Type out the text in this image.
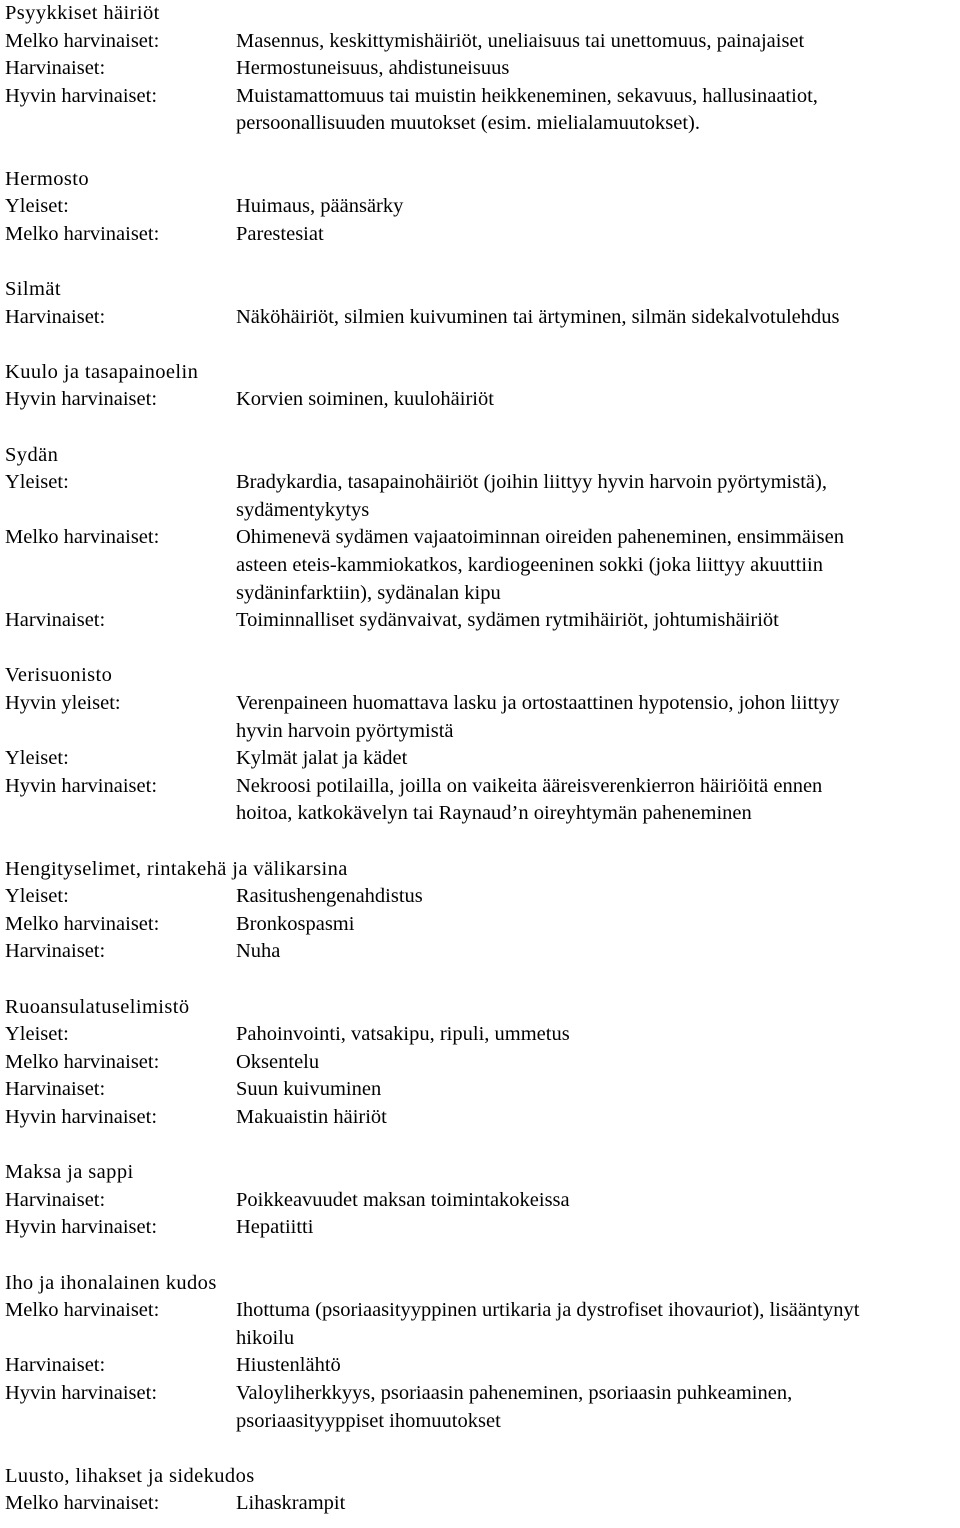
Psyykkiset häiriöt
Melko harvinaiset:	Masennus, keskittymishäiriöt, uneliaisuus tai unettomuus, painajaiset
Harvinaiset:	Hermostuneisuus, ahdistuneisuus
Hyvin harvinaiset:	Muistamattomuus tai muistin heikkeneminen, sekavuus, hallusinaatiot,
persoonallisuuden muutokset (esim. mielialamuutokset).
Hermosto
Yleiset:	Huimaus, päänsärky
Melko harvinaiset:	Parestesiat
Silmät
Harvinaiset:	Näköhäiriöt, silmien kuivuminen tai ärtyminen, silmän sidekalvotulehdus
Kuulo ja tasapainoelin
Hyvin harvinaiset:	Korvien soiminen, kuulohäiriöt
Sydän
Yleiset:	Bradykardia, tasapainohäiriöt (joihin liittyy hyvin harvoin pyörtymistä),
sydämentykytys
Melko harvinaiset:	Ohimenevä sydämen vajaatoiminnan oireiden paheneminen, ensimmäisen
asteen eteis-kammiokatkos, kardiogeeninen sokki (joka liittyy akuuttiin
sydäninfarktiin), sydänalan kipu
Harvinaiset:	Toiminnalliset sydänvaivat, sydämen rytmihäiriöt, johtumishäiriöt
Verisuonisto
Hyvin yleiset:	Verenpaineen huomattava lasku ja ortostaattinen hypotensio, johon liittyy
hyvin harvoin pyörtymistä
Yleiset:	Kylmät jalat ja kädet
Hyvin harvinaiset:	Nekroosi potilailla, joilla on vaikeita ääreisverenkierron häiriöitä ennen
hoitoa, katkokävelyn tai Raynaud’n oireyhtymän paheneminen
Hengityselimet, rintakehä ja välikarsina
Yleiset:	Rasitushengenahdistus
Melko harvinaiset:	Bronkospasmi
Harvinaiset:	Nuha
Ruoansulatuselimistö
Yleiset:	Pahoinvointi, vatsakipu, ripuli, ummetus
Melko harvinaiset:	Oksentelu
Harvinaiset:	Suun kuivuminen
Hyvin harvinaiset:	Makuaistin häiriöt
Maksa ja sappi
Harvinaiset:	Poikkeavuudet maksan toimintakokeissa
Hyvin harvinaiset:	Hepatiitti
Iho ja ihonalainen kudos
Melko harvinaiset:	Ihottuma (psoriaasityyppinen urtikaria ja dystrofiset ihovauriot), lisääntynyt
hikoilu
Harvinaiset:	Hiustenlähtö
Hyvin harvinaiset:	Valoyliherkkyys, psoriaasin paheneminen, psoriaasin puhkeaminen,
psoriaasityyppiset ihomuutokset
Luusto, lihakset ja sidekudos
Melko harvinaiset:	Lihaskrampit
